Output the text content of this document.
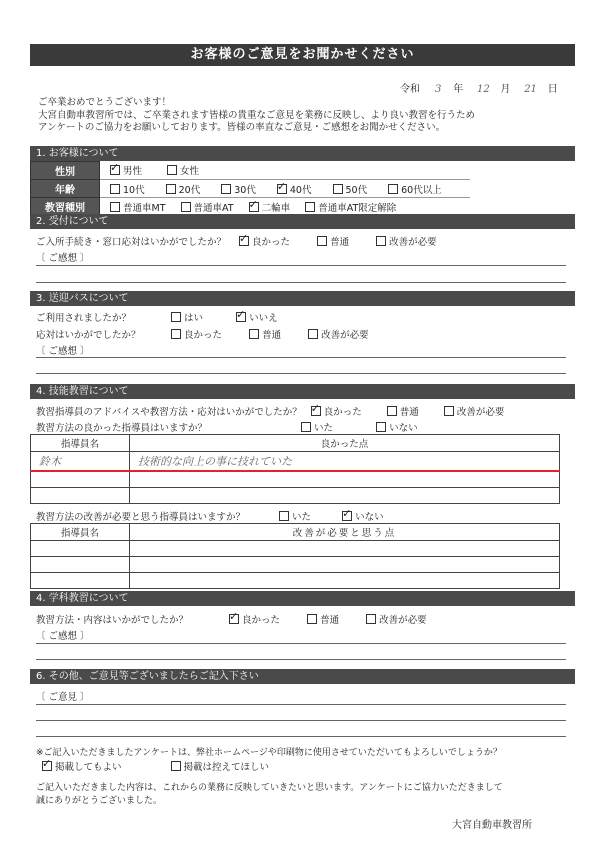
お客様のご意見をお聞かせください
令和 3 年 12 月 21 日
ご卒業おめでとうございます！
大宮自動車教習所では、ご卒業されます皆様の貴重なご意見を業務に反映し、より良い教習を行うため
アンケートのご協力をお願いしております。皆様の率直なご意見・ご感想をお聞かせください。
1. お客様について
性別	✓男性 女性
年齢	10代 20代 30代 ✓ 40代 50代 60代以上
教習種別	普通車MT 普通車AT ✓ 二輪車 普通車AT限定解除
2. 受付について
ご入所手続き・窓口応対はいかがでしたか？ ✓	良かった	普通	改善が必要
〔 ご感想 〕
3. 送迎バスについて
ご利用されましたか？	はい ✓	いいえ
応対はいかがでしたか？	良かった	普通	改善が必要
〔 ご感想 〕
4. 技能教習について
教習指導員のアドバイスや教習方法・応対はいかがでしたか？ ✓ 良かった	普通	改善が必要
教習方法の良かった指導員はいますか？	いた	いない
指導員名	良かった点
鈴木	技術的な向上の事に技れていた

教習方法の改善が必要と思う指導員はいますか？	いた ✓	いない
指導員名	改善が必要と思う点

4. 学科教習について
教習方法・内容はいかがでしたか？ ✓	良かった	普通	改善が必要
〔 ご感想 〕
6. その他、ご意見等ございましたらご記入下さい
〔 ご意見 〕
※ご記入いただきましたアンケートは、弊社ホームページや印刷物に使用させていただいてもよろしいでしょうか？
✓掲載してもよい	掲載は控えてほしい
ご記入いただきました内容は、これからの業務に反映していきたいと思います。アンケートにご協力いただきまして
誠にありがとうございました。
大宮自動車教習所
